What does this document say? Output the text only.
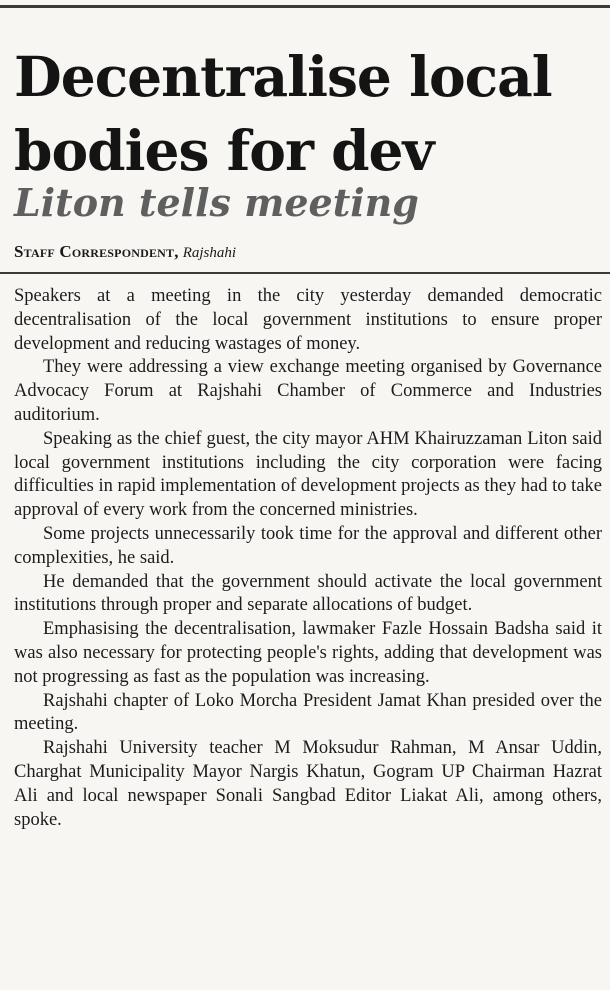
Decentralise local bodies for dev
Liton tells meeting
Staff Correspondent, Rajshahi

Speakers at a meeting in the city yesterday demanded democratic decentralisation of the local government institutions to ensure proper development and reducing wastages of money.

They were addressing a view exchange meeting organised by Governance Advocacy Forum at Rajshahi Chamber of Commerce and Industries auditorium.

Speaking as the chief guest, the city mayor AHM Khairuzzaman Liton said local government institutions including the city corporation were facing difficulties in rapid implementation of development projects as they had to take approval of every work from the concerned ministries.

Some projects unnecessarily took time for the approval and different other complexities, he said.

He demanded that the government should activate the local government institutions through proper and separate allocations of budget.

Emphasising the decentralisation, lawmaker Fazle Hossain Badsha said it was also necessary for protecting people's rights, adding that development was not progressing as fast as the population was increasing.

Rajshahi chapter of Loko Morcha President Jamat Khan presided over the meeting.

Rajshahi University teacher M Moksudur Rahman, M Ansar Uddin, Charghat Municipality Mayor Nargis Khatun, Gogram UP Chairman Hazrat Ali and local newspaper Sonali Sangbad Editor Liakat Ali, among others, spoke.
